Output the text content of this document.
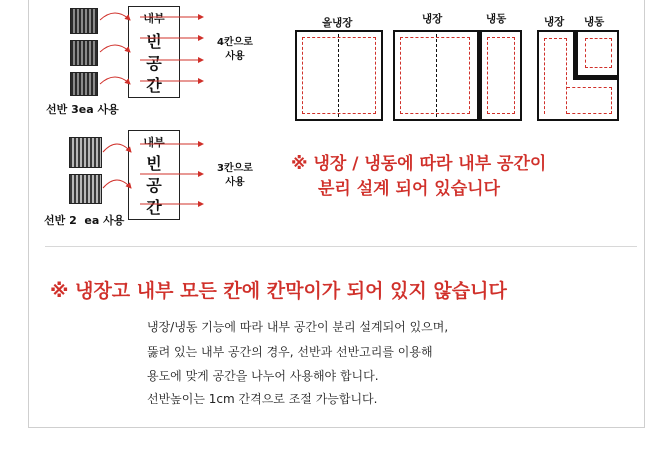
내부
빈
공
간
4칸으로
사용
선반 3ea 사용
내부
빈
공
간
3칸으로
사용
선반 2  ea 사용
올냉장	냉장	냉동	냉장 냉동
※ 냉장 / 냉동에 따라 내부 공간이
분리 설계 되어 있습니다
※ 냉장고 내부 모든 칸에 칸막이가 되어 있지 않습니다
냉장/냉동 기능에 따라 내부 공간이 분리 설계되어 있으며,
뚫려 있는 내부 공간의 경우, 선반과 선반고리를 이용해
용도에 맞게 공간을 나누어 사용해야 합니다.
선반높이는 1cm 간격으로 조절 가능합니다.
